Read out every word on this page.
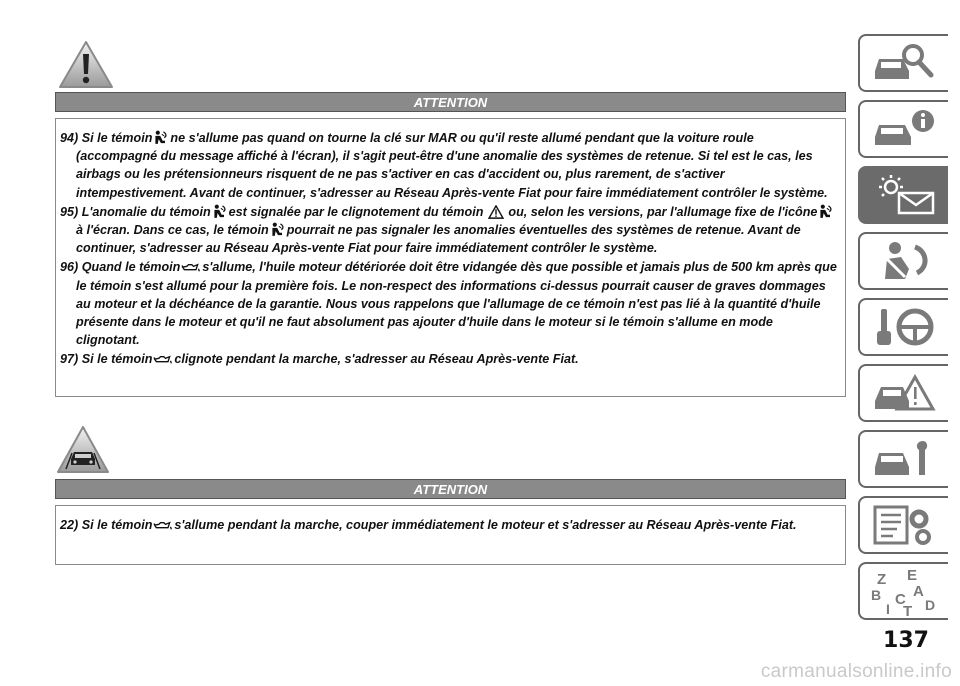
ATTENTION

94) Si le témoin ne s'allume pas quand on tourne la clé sur MAR ou qu'il reste allumé pendant que la voiture roule (accompagné du message affiché à l'écran), il s'agit peut-être d'une anomalie des systèmes de retenue. Si tel est le cas, les airbags ou les prétensionneurs risquent de ne pas s'activer en cas d'accident ou, plus rarement, de s'activer intempestivement. Avant de continuer, s'adresser au Réseau Après-vente Fiat pour faire immédiatement contrôler le système.

95) L'anomalie du témoin est signalée par le clignotement du témoin ou, selon les versions, par l'allumage fixe de l'icôneà l'écran. Dans ce cas, le témoin pourrait ne pas signaler les anomalies éventuelles des systèmes de retenue. Avant de continuer, s'adresser au Réseau Après-vente Fiat pour faire immédiatement contrôler le système.

96) Quand le témoin s'allume, l'huile moteur détériorée doit être vidangée dès que possible et jamais plus de 500 km après que le témoin s'est allumé pour la première fois. Le non-respect des informations ci-dessus pourrait causer de graves dommages au moteur et la déchéance de la garantie. Nous vous rappelons que l'allumage de ce témoin n'est pas lié à la quantité d'huile présente dans le moteur et qu'il ne faut absolument pas ajouter d'huile dans le moteur si le témoin s'allume en mode clignotant.

97) Si le témoin clignote pendant la marche, s'adresser au Réseau Après-vente Fiat.

ATTENTION

22) Si le témoin s'allume pendant la marche, couper immédiatement le moteur et s'adresser au Réseau Après-vente Fiat.

Z E
A
B C D
I T
137
carmanualsonline.info
